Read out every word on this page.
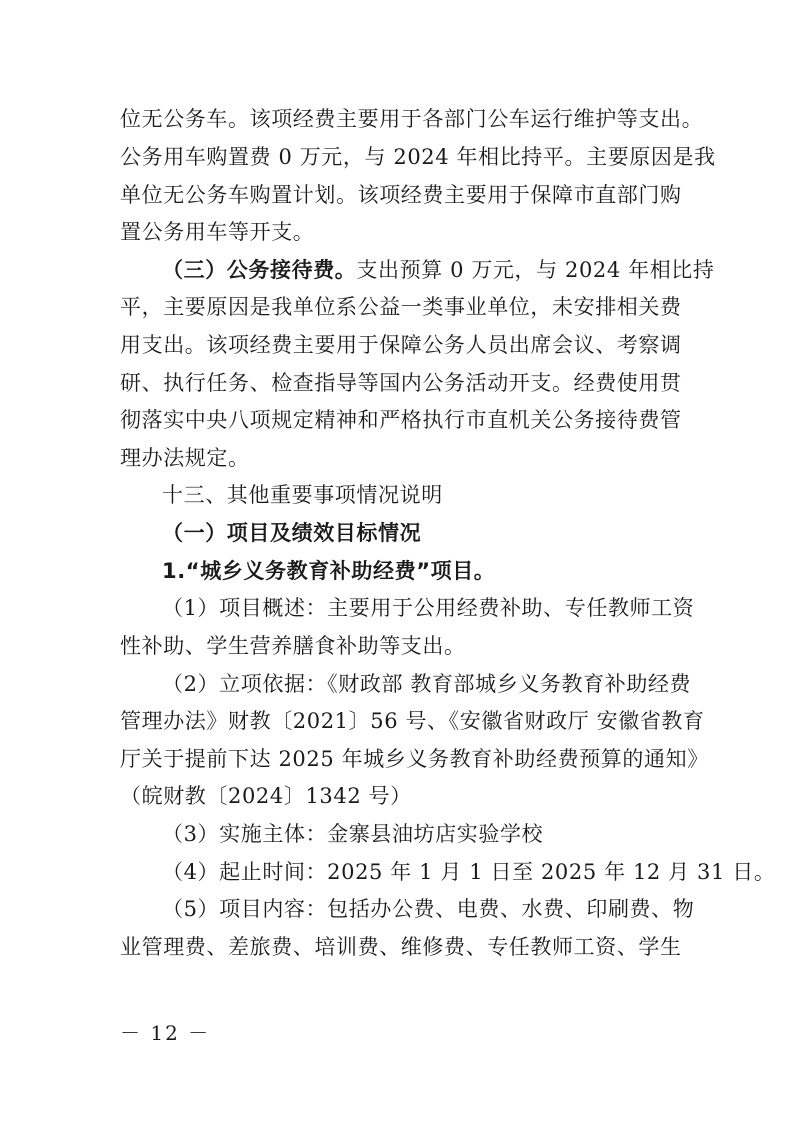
位无公务车。该项经费主要用于各部门公车运行维护等支出。
公务用车购置费 0 万元，与 2024 年相比持平。主要原因是我
单位无公务车购置计划。该项经费主要用于保障市直部门购
置公务用车等开支。
（三）公务接待费。支出预算 0 万元，与 2024 年相比持
平，主要原因是我单位系公益一类事业单位，未安排相关费
用支出。该项经费主要用于保障公务人员出席会议、考察调
研、执行任务、检查指导等国内公务活动开支。经费使用贯
彻落实中央八项规定精神和严格执行市直机关公务接待费管
理办法规定。
十三、其他重要事项情况说明
（一）项目及绩效目标情况
1.“城乡义务教育补助经费”项目。
（1）项目概述：主要用于公用经费补助、专任教师工资
性补助、学生营养膳食补助等支出。
（2）立项依据：《财政部 教育部城乡义务教育补助经费
管理办法》财教〔2021〕56 号、《安徽省财政厅 安徽省教育
厅关于提前下达 2025 年城乡义务教育补助经费预算的通知》
（皖财教〔2024〕1342 号）
（3）实施主体：金寨县油坊店实验学校
（4）起止时间：2025 年 1 月 1 日至 2025 年 12 月 31 日。
（5）项目内容：包括办公费、电费、水费、印刷费、物
业管理费、差旅费、培训费、维修费、专任教师工资、学生
－ 12 －
